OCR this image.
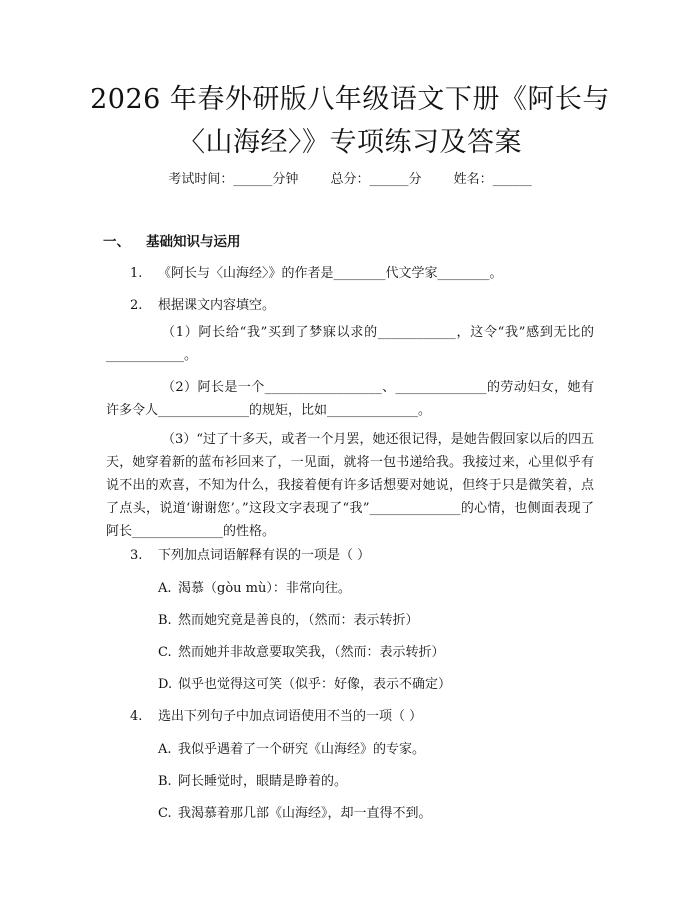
2026 年春外研版八年级语文下册《阿长与
〈山海经〉》专项练习及答案
考试时间：______分钟 总分：______分 姓名：______
一、 基础知识与运用
1. 《阿长与〈山海经〉》的作者是________代文学家________。
2. 根据课文内容填空。
（1）阿长给“我”买到了梦寐以求的____________，这令“我”感到无比的____________。
（2）阿长是一个__________________、______________的劳动妇女，她有许多令人______________的规矩，比如______________。
（3）“过了十多天，或者一个月罢，她还很记得，是她告假回家以后的四五天，她穿着新的蓝布衫回来了，一见面，就将一包书递给我。我接过来，心里似乎有说不出的欢喜，不知为什么，我接着便有许多话想要对她说，但终于只是微笑着，点了点头，说道‘谢谢您’。”这段文字表现了“我”______________的心情，也侧面表现了阿长______________的性格。
3. 下列加点词语解释有误的一项是（ ）
A. 渴慕（gòu mù）：非常向往。
B. 然而她究竟是善良的，（然而：表示转折）
C. 然而她并非故意要取笑我，（然而：表示转折）
D. 似乎也觉得这可笑（似乎：好像，表示不确定）
4. 选出下列句子中加点词语使用不当的一项（ ）
A. 我似乎遇着了一个研究《山海经》的专家。
B. 阿长睡觉时，眼睛是睁着的。
C. 我渴慕着那几部《山海经》，却一直得不到。
